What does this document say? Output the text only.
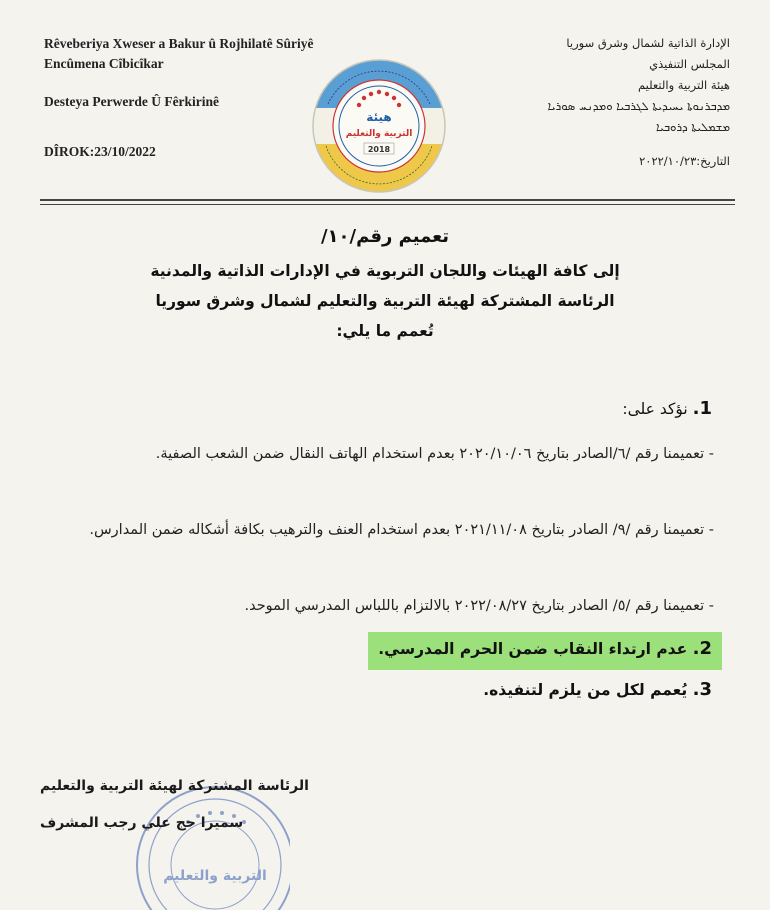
Rêveberiya Xweser a Bakur û Rojhilatê Sûriyê
Encûmena Cîbicîkar
Desteya Perwerde Û Fêrkirinê
DÎROK:23/10/2022
الإدارة الذاتية لشمال وشرق سوريا
المجلس التنفيذي
هيئة التربية والتعليم
ܡܕܒܪܢܘܬܐ ܝܚܝܕܝܬܐ ܠܓܪܒܝܐ ܘܡܕܢܚ ܣܘܪܝܐ
ܡܫܡܠܝܬܐ ܕܪܘܒܝܐ
التاريخ:٢٠٢٢/١٠/٢٣
هيئة
التربية والتعليم
2018
تعميم رقم/١٠/
إلى كافة الهيئات واللجان التربوية في الإدارات الذاتية والمدنية
الرئاسة المشتركة لهيئة التربية والتعليم لشمال وشرق سوريا
تُعمم ما يلي:
1. نؤكد على:
- تعميمنا رقم /٦/الصادر بتاريخ ٢٠٢٠/١٠/٠٦ بعدم استخدام الهاتف النقال ضمن الشعب الصفية.
- تعميمنا رقم /٩/ الصادر بتاريخ ٢٠٢١/١١/٠٨ بعدم استخدام العنف والترهيب بكافة أشكاله ضمن المدارس.
- تعميمنا رقم /٥/ الصادر بتاريخ ٢٠٢٢/٠٨/٢٧ بالالتزام باللباس المدرسي الموحد.
2. عدم ارتداء النقاب ضمن الحرم المدرسي.
3. يُعمم لكل من يلزم لتنفيذه.
التربية والتعليم
الرئاسة المشتركة لهيئة التربية والتعليم
سميرا حج علي رجب المشرف
